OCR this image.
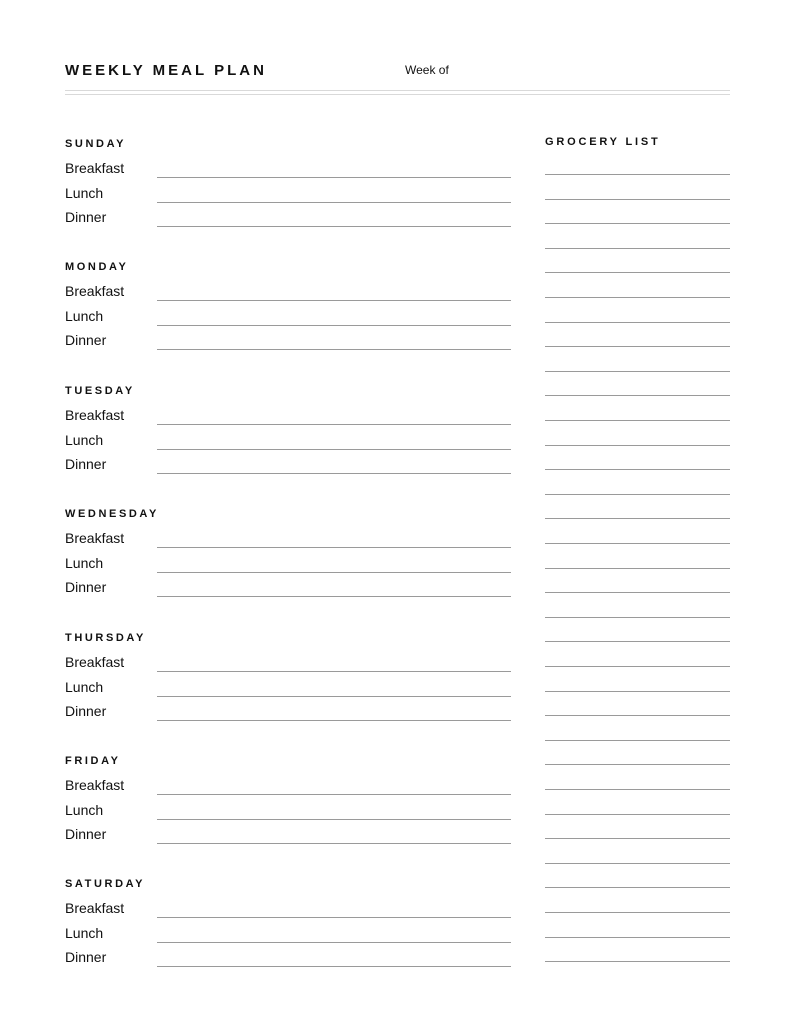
WEEKLY MEAL PLAN	Week of
SUNDAY
Breakfast
Lunch
Dinner
MONDAY
Breakfast
Lunch
Dinner
TUESDAY
Breakfast
Lunch
Dinner
WEDNESDAY
Breakfast
Lunch
Dinner
THURSDAY
Breakfast
Lunch
Dinner
FRIDAY
Breakfast
Lunch
Dinner
SATURDAY
Breakfast
Lunch
Dinner
GROCERY LIST
